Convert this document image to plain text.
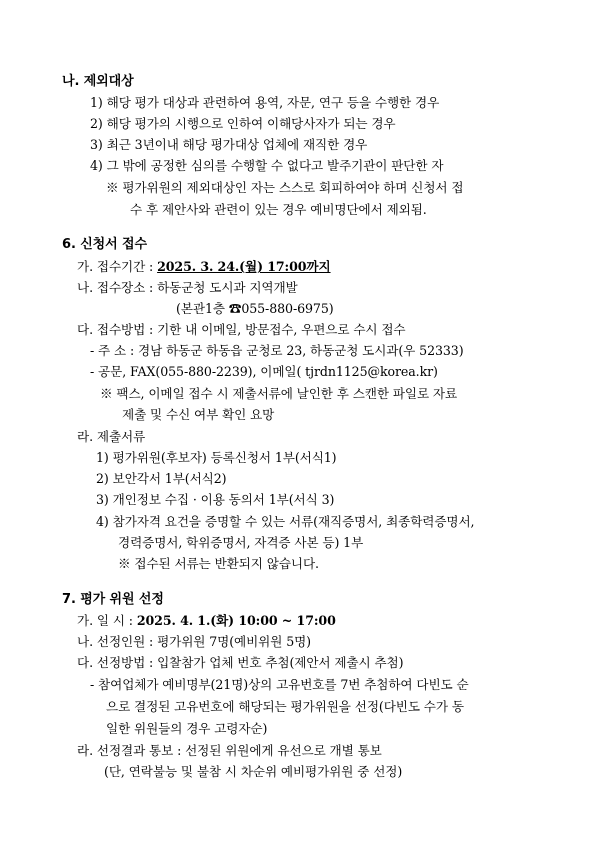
나. 제외대상
1) 해당 평가 대상과 관련하여 용역, 자문, 연구 등을 수행한 경우
2) 해당 평가의 시행으로 인하여 이해당사자가 되는 경우
3) 최근 3년이내 해당 평가대상 업체에 재직한 경우
4) 그 밖에 공정한 심의를 수행할 수 없다고 발주기관이 판단한 자
※ 평가위원의 제외대상인 자는 스스로 회피하여야 하며 신청서 접
수 후 제안사와 관련이 있는 경우 예비명단에서 제외됨.
6. 신청서 접수
가. 접수기간 : 2025. 3. 24.(월) 17:00까지
나. 접수장소 : 하동군청 도시과 지역개발
(본관1층 ☎055-880-6975)
다. 접수방법 : 기한 내 이메일, 방문접수, 우편으로 수시 접수
- 주 소 : 경남 하동군 하동읍 군청로 23, 하동군청 도시과(우 52333)
- 공문, FAX(055-880-2239), 이메일( tjrdn1125@korea.kr)
※ 팩스, 이메일 접수 시 제출서류에 날인한 후 스캔한 파일로 자료
제출 및 수신 여부 확인 요망
라. 제출서류
1) 평가위원(후보자) 등록신청서 1부(서식1)
2) 보안각서 1부(서식2)
3) 개인정보 수집 · 이용 동의서 1부(서식 3)
4) 참가자격 요건을 증명할 수 있는 서류(재직증명서, 최종학력증명서,
경력증명서, 학위증명서, 자격증 사본 등) 1부
※ 접수된 서류는 반환되지 않습니다.
7. 평가 위원 선정
가. 일 시 : 2025. 4. 1.(화) 10:00 ~ 17:00
나. 선정인원 : 평가위원 7명(예비위원 5명)
다. 선정방법 : 입찰참가 업체 번호 추첨(제안서 제출시 추첨)
- 참여업체가 예비명부(21명)상의 고유번호를 7번 추첨하여 다빈도 순
으로 결정된 고유번호에 해당되는 평가위원을 선정(다빈도 수가 동
일한 위원들의 경우 고령자순)
라. 선정결과 통보 : 선정된 위원에게 유선으로 개별 통보
(단, 연락불능 및 불참 시 차순위 예비평가위원 중 선정)
